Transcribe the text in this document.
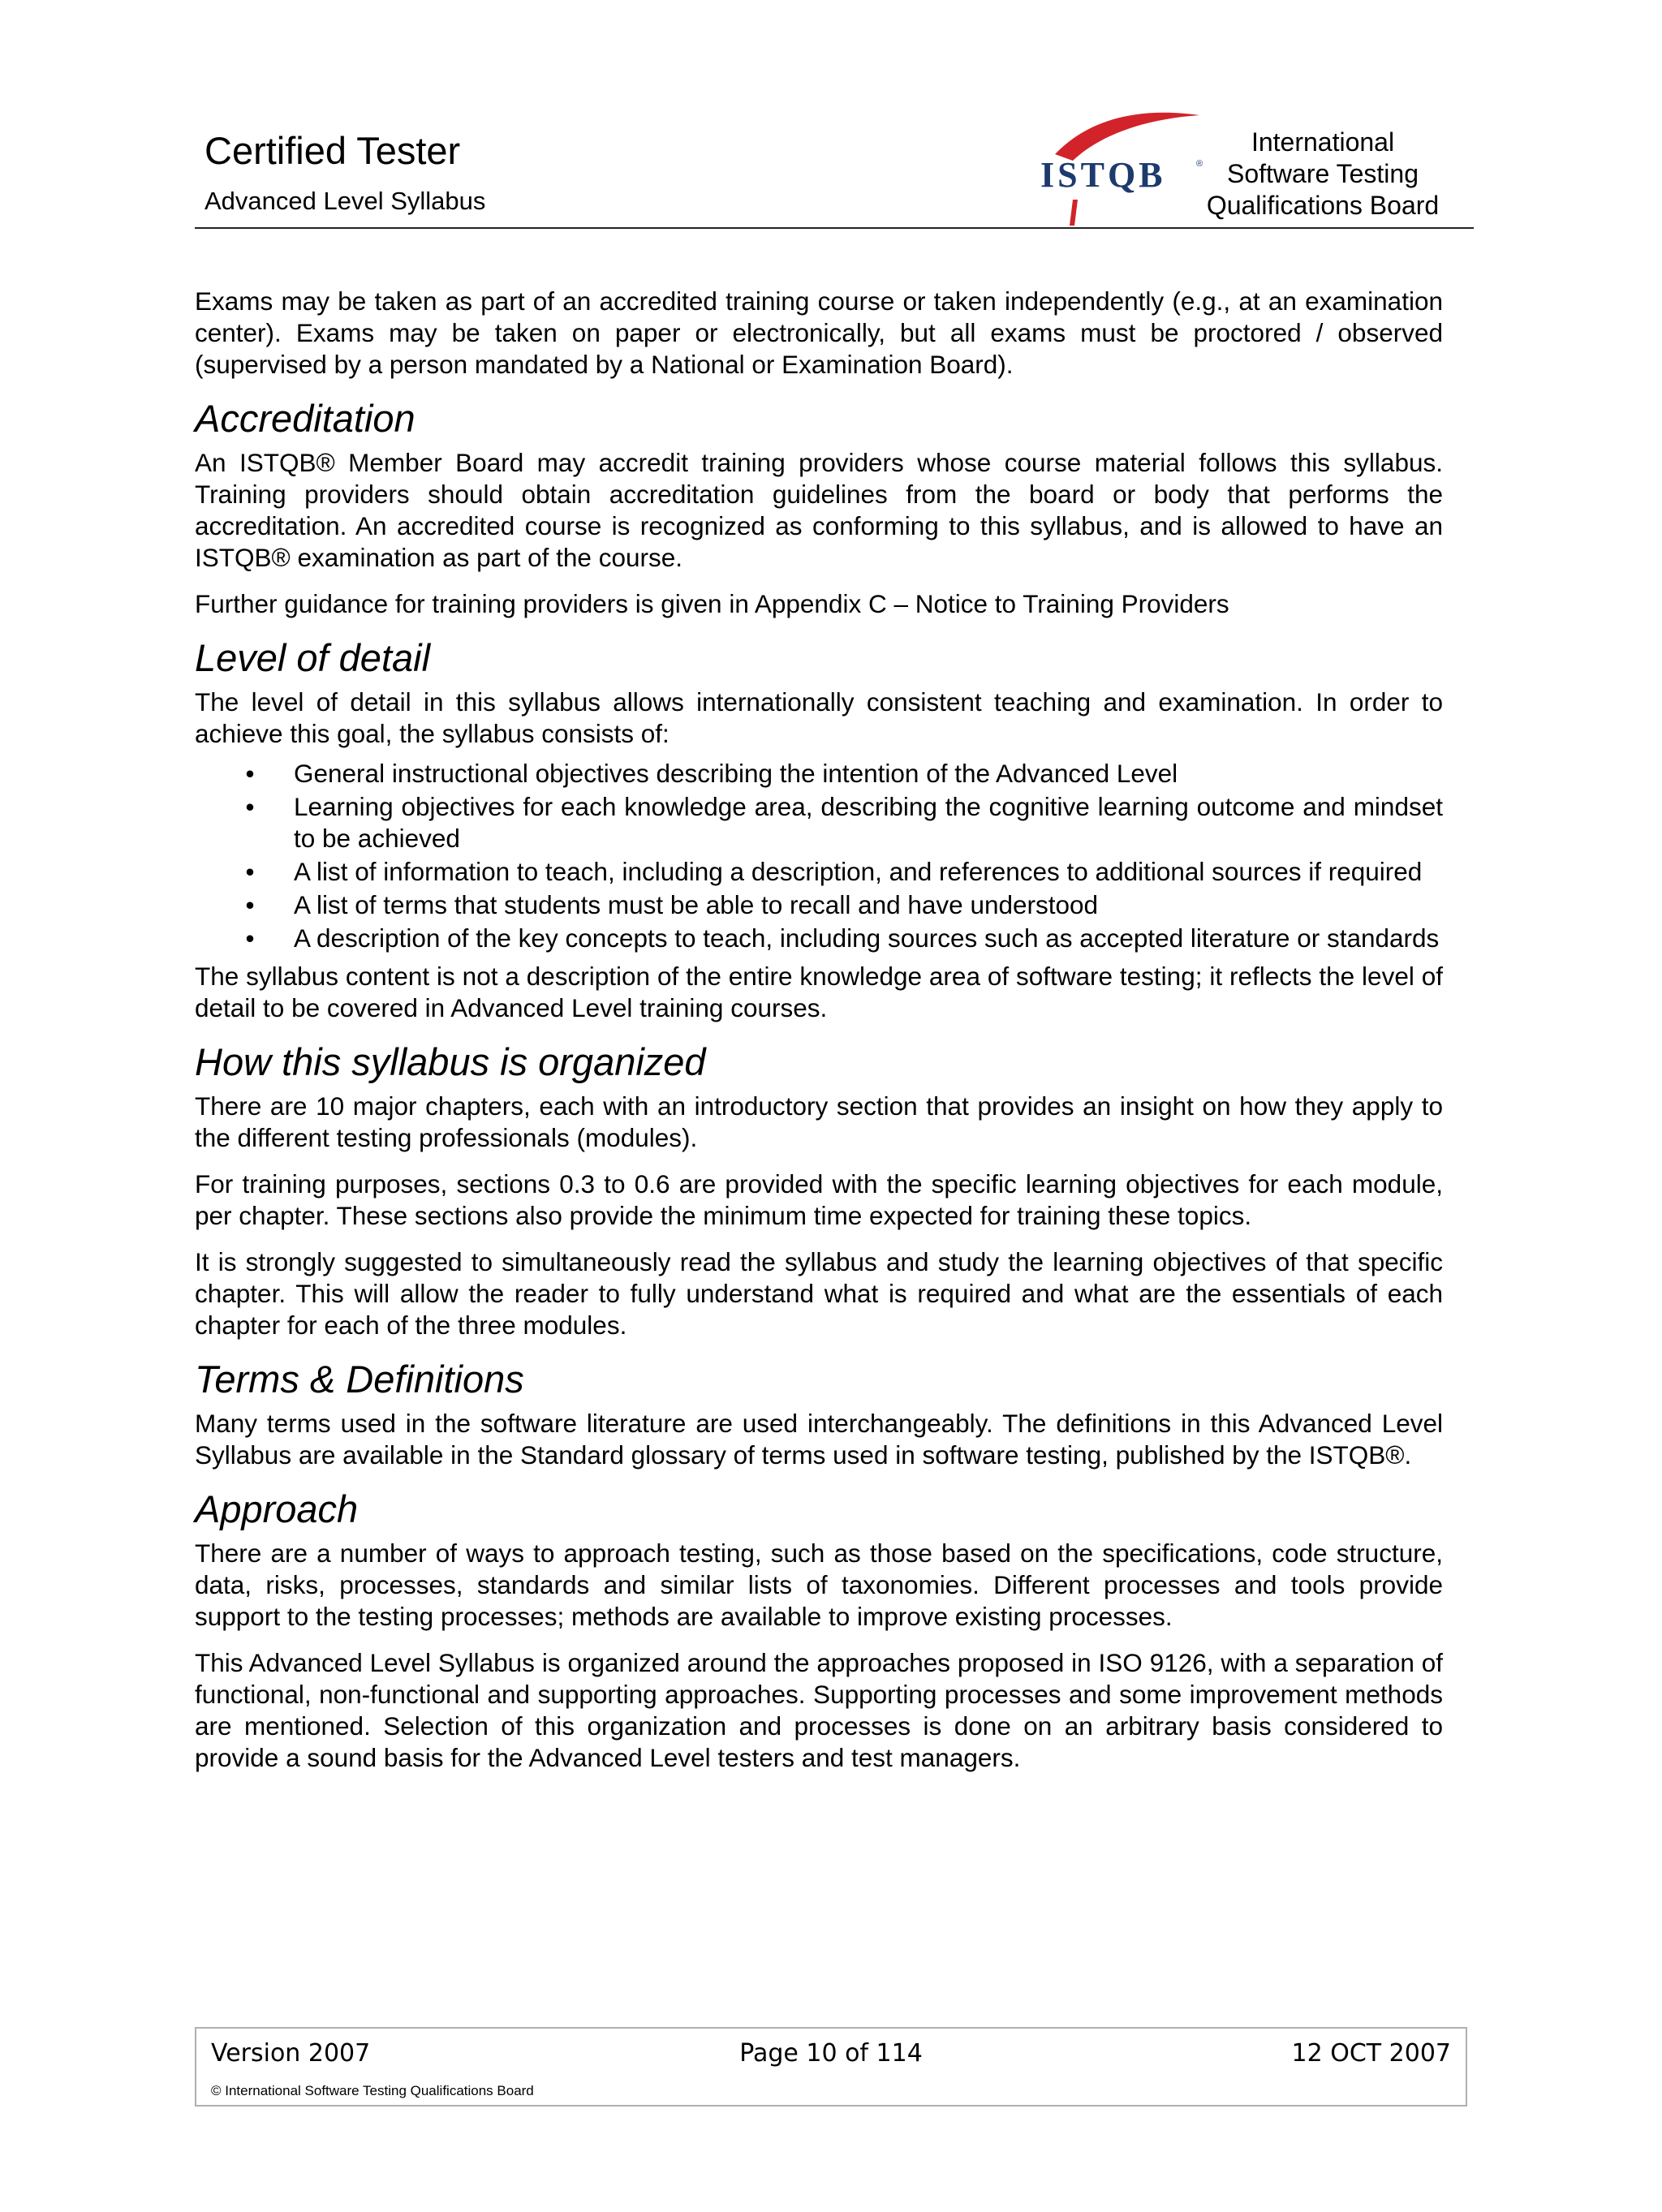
Certified Tester
Advanced Level Syllabus
ISTQB	®
International
Software Testing
Qualifications Board

Exams may be taken as part of an accredited training course or taken independently (e.g., at an examination center). Exams may be taken on paper or electronically, but all exams must be proctored / observed (supervised by a person mandated by a National or Examination Board).

Accreditation

An ISTQB® Member Board may accredit training providers whose course material follows this syllabus. Training providers should obtain accreditation guidelines from the board or body that performs the accreditation. An accredited course is recognized as conforming to this syllabus, and is allowed to have an ISTQB® examination as part of the course.

Further guidance for training providers is given in Appendix C – Notice to Training Providers

Level of detail

The level of detail in this syllabus allows internationally consistent teaching and examination. In order to achieve this goal, the syllabus consists of:

• General instructional objectives describing the intention of the Advanced Level
• Learning objectives for each knowledge area, describing the cognitive learning outcome and mindset to be achieved
• A list of information to teach, including a description, and references to additional sources if required
• A list of terms that students must be able to recall and have understood
• A description of the key concepts to teach, including sources such as accepted literature or standards

The syllabus content is not a description of the entire knowledge area of software testing; it reflects the level of detail to be covered in Advanced Level training courses.

How this syllabus is organized

There are 10 major chapters, each with an introductory section that provides an insight on how they apply to the different testing professionals (modules).

For training purposes, sections 0.3 to 0.6 are provided with the specific learning objectives for each module, per chapter. These sections also provide the minimum time expected for training these topics.

It is strongly suggested to simultaneously read the syllabus and study the learning objectives of that specific chapter. This will allow the reader to fully understand what is required and what are the essentials of each chapter for each of the three modules.

Terms & Definitions

Many terms used in the software literature are used interchangeably. The definitions in this Advanced Level Syllabus are available in the Standard glossary of terms used in software testing, published by the ISTQB®.

Approach

There are a number of ways to approach testing, such as those based on the specifications, code structure, data, risks, processes, standards and similar lists of taxonomies. Different processes and tools provide support to the testing processes; methods are available to improve existing processes.

This Advanced Level Syllabus is organized around the approaches proposed in ISO 9126, with a separation of functional, non-functional and supporting approaches. Supporting processes and some improvement methods are mentioned. Selection of this organization and processes is done on an arbitrary basis considered to provide a sound basis for the Advanced Level testers and test managers.

Page 10 of 114
Version 2007	12 OCT 2007
© International Software Testing Qualifications Board
